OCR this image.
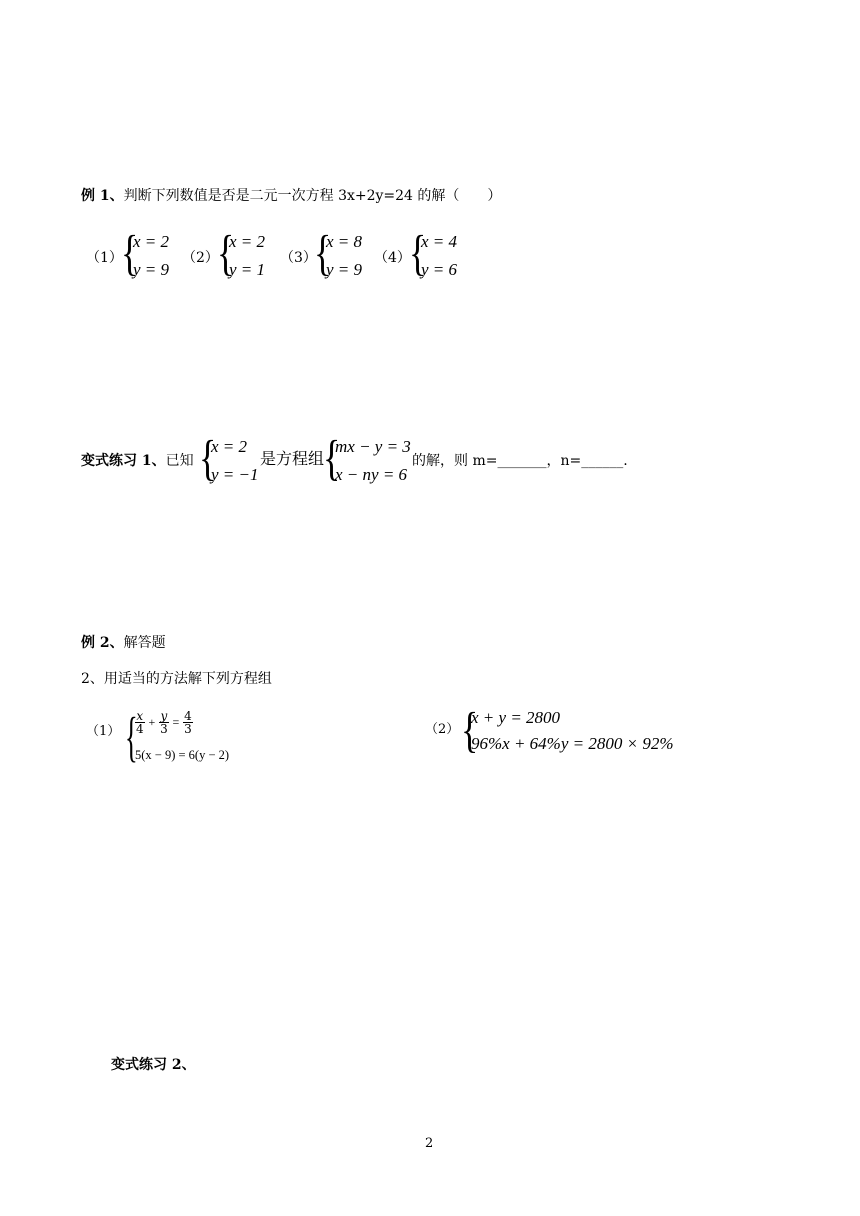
例 1、判断下列数值是否是二元一次方程 3x+2y=24 的解（　　）
（1）
{
x = 2
y = 9
（2）
{
x = 2
y = 1
（3）
{
x = 8
y = 9
（4）
{
x = 4
y = 6
变式练习 1、已知 {
x = 2
y = −1
是方程组
{
mx − y = 3
x − ny = 6
的解，则 m=_______，n=______.
例 2、解答题
2、用适当的方法解下列方程组
（1） {
$\frac{x}{4} + \frac{y}{3} = \frac{4}{3}$
5(x − 9) = 6(y − 2)
（2） {
x + y = 2800
96%x + 64%y = 2800 × 92%
变式练习 2、
2
